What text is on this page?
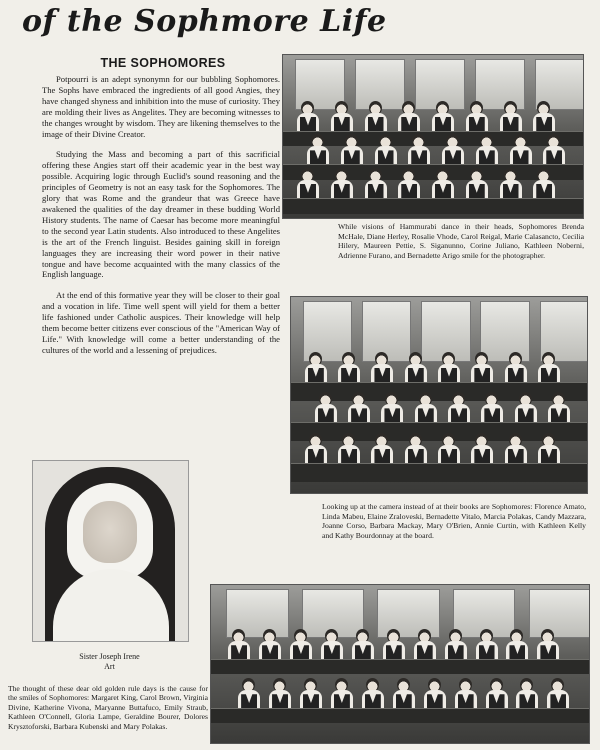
of the Sophmore Life
THE SOPHOMORES

Potpourri is an adept synonymn for our bubbling Sophomores. The Sophs have embraced the ingredients of all good Angies, they have changed shyness and inhibition into the muse of curiosity. They are molding their lives as Angelites. They are becoming witnesses to the changes wrought by wisdom. They are likening themselves to the image of their Divine Creator.

Studying the Mass and becoming a part of this sacrificial offering these Angies start off their academic year in the best way possible. Acquiring logic through Euclid's sound reasoning and the principles of Geometry is not an easy task for the Sophomores. The glory that was Rome and the grandeur that was Greece have awakened the qualities of the day dreamer in these budding World History students. The name of Caesar has become more meaningful to the second year Latin students. Also introduced to these Angelites is the art of the French linguist. Besides gaining skill in foreign languages they are increasing their word power in their native tongue and have become acquainted with the many classics of the English language.

At the end of this formative year they will be closer to their goal and a vocation in life. Time well spent will yield for them a better life fashioned under Catholic auspices. Their knowledge will help them become better citizens ever conscious of the "American Way of Life." With knowledge will come a better understanding of the cultures of the world and a lessening of prejudices.

While visions of Hammurabi dance in their heads, Sophomores Brenda McHale, Diane Herley, Rosalie Vhode, Carol Reigal, Marie Calasancto, Cecilia Hilery, Maureen Pettie, S. Siganunno, Corine Juliano, Kathleen Noberni, Adrienne Furano, and Bernadette Arigo smile for the photographer.
Looking up at the camera instead of at their books are Sophomores: Florence Amato, Linda Mabeu, Elaine Zraloveski, Bernadette Vitalo, Marcia Polakas, Candy Mazzara, Joanne Corso, Barbara Mackay, Mary O'Brien, Annie Curtin, with Kathleen Kelly and Kathy Bourdonnay at the board.
Sister Joseph Irene
Art
The thought of these dear old golden rule days is the cause for the smiles of Sophomores: Margaret King, Carol Brown, Virginia Divine, Katherine Vivona, Maryanne Buttafuco, Emily Straub, Kathleen O'Connell, Gloria Lampe, Geraldine Bourer, Dolores Krysztoforski, Barbara Kubenski and Mary Polakas.
